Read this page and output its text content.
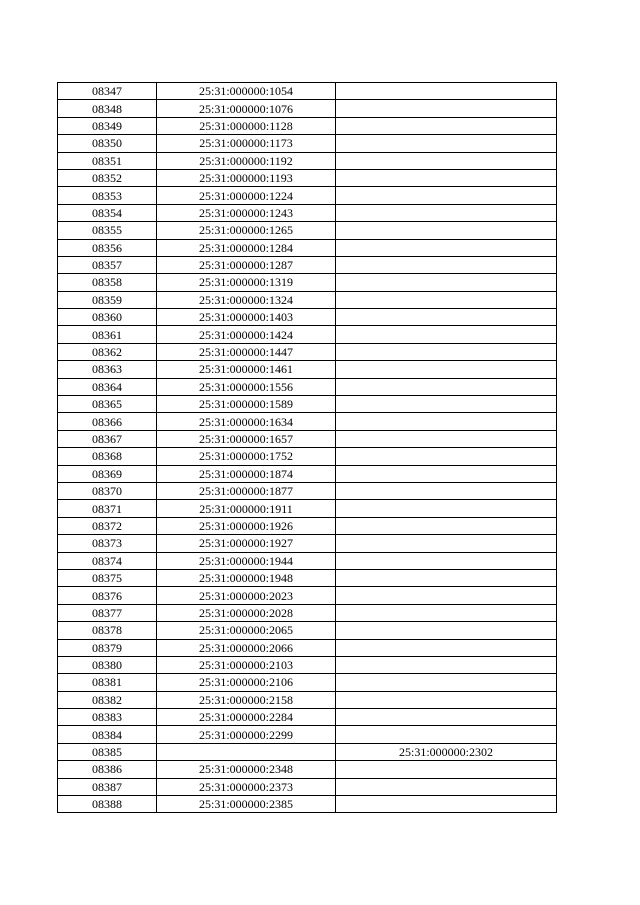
08347	25:31:000000:1054	
08348	25:31:000000:1076	
08349	25:31:000000:1128	
08350	25:31:000000:1173	
08351	25:31:000000:1192	
08352	25:31:000000:1193	
08353	25:31:000000:1224	
08354	25:31:000000:1243	
08355	25:31:000000:1265	
08356	25:31:000000:1284	
08357	25:31:000000:1287	
08358	25:31:000000:1319	
08359	25:31:000000:1324	
08360	25:31:000000:1403	
08361	25:31:000000:1424	
08362	25:31:000000:1447	
08363	25:31:000000:1461	
08364	25:31:000000:1556	
08365	25:31:000000:1589	
08366	25:31:000000:1634	
08367	25:31:000000:1657	
08368	25:31:000000:1752	
08369	25:31:000000:1874	
08370	25:31:000000:1877	
08371	25:31:000000:1911	
08372	25:31:000000:1926	
08373	25:31:000000:1927	
08374	25:31:000000:1944	
08375	25:31:000000:1948	
08376	25:31:000000:2023	
08377	25:31:000000:2028	
08378	25:31:000000:2065	
08379	25:31:000000:2066	
08380	25:31:000000:2103	
08381	25:31:000000:2106	
08382	25:31:000000:2158	
08383	25:31:000000:2284	
08384	25:31:000000:2299	
08385		25:31:000000:2302
08386	25:31:000000:2348	
08387	25:31:000000:2373	
08388	25:31:000000:2385	
